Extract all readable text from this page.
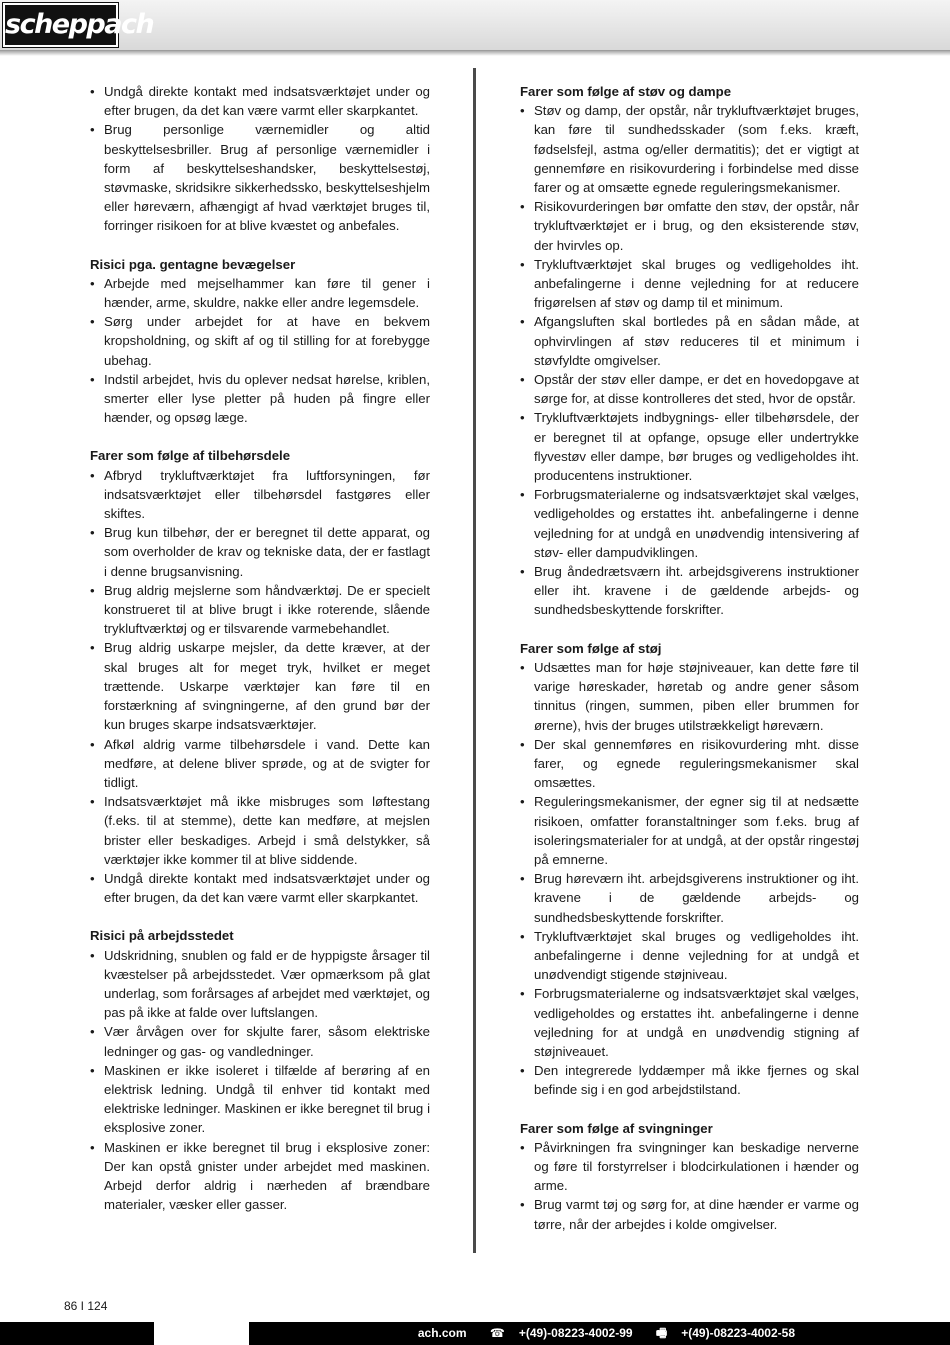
scheppach
• Undgå direkte kontakt med indsatsværktøjet under og efter brugen, da det kan være varmt eller skarpkantet.
• Brug personlige værnemidler og altid beskyttelsesbriller. Brug af personlige værnemidler i form af beskyttelseshandsker, beskyttelsestøj, støvmaske, skridsikre sikkerhedssko, beskyttelseshjelm eller høreværn, afhængigt af hvad værktøjet bruges til, forringer risikoen for at blive kvæstet og anbefales.
Risici pga. gentagne bevægelser
• Arbejde med mejselhammer kan føre til gener i hænder, arme, skuldre, nakke eller andre legemsdele.
• Sørg under arbejdet for at have en bekvem kropsholdning, og skift af og til stilling for at forebygge ubehag.
• Indstil arbejdet, hvis du oplever nedsat hørelse, kriblen, smerter eller lyse pletter på huden på fingre eller hænder, og opsøg læge.
Farer som følge af tilbehørsdele
• Afbryd trykluftværktøjet fra luftforsyningen, før indsatsværktøjet eller tilbehørsdel fastgøres eller skiftes.
• Brug kun tilbehør, der er beregnet til dette apparat, og som overholder de krav og tekniske data, der er fastlagt i denne brugsanvisning.
• Brug aldrig mejslerne som håndværktøj. De er specielt konstrueret til at blive brugt i ikke roterende, slående trykluftværktøj og er tilsvarende varmebehandlet.
• Brug aldrig uskarpe mejsler, da dette kræver, at der skal bruges alt for meget tryk, hvilket er meget trættende. Uskarpe værktøjer kan føre til en forstærkning af svingningerne, af den grund bør der kun bruges skarpe indsatsværktøjer.
• Afkøl aldrig varme tilbehørsdele i vand. Dette kan medføre, at delene bliver sprøde, og at de svigter for tidligt.
• Indsatsværktøjet må ikke misbruges som løftestang (f.eks. til at stemme), dette kan medføre, at mejslen brister eller beskadiges. Arbejd i små delstykker, så værktøjer ikke kommer til at blive siddende.
• Undgå direkte kontakt med indsatsværktøjet under og efter brugen, da det kan være varmt eller skarpkantet.
Risici på arbejdsstedet
• Udskridning, snublen og fald er de hyppigste årsager til kvæstelser på arbejdsstedet. Vær opmærksom på glat underlag, som forårsages af arbejdet med værktøjet, og pas på ikke at falde over luftslangen.
• Vær årvågen over for skjulte farer, såsom elektriske ledninger og gas- og vandledninger.
• Maskinen er ikke isoleret i tilfælde af berøring af en elektrisk ledning. Undgå til enhver tid kontakt med elektriske ledninger. Maskinen er ikke beregnet til brug i eksplosive zoner.
• Maskinen er ikke beregnet til brug i eksplosive zoner: Der kan opstå gnister under arbejdet med maskinen. Arbejd derfor aldrig i nærheden af brændbare materialer, væsker eller gasser.
Farer som følge af støv og dampe
• Støv og damp, der opstår, når trykluftværktøjet bruges, kan føre til sundhedsskader (som f.eks. kræft, fødselsfejl, astma og/eller dermatitis); det er vigtigt at gennemføre en risikovurdering i forbindelse med disse farer og at omsætte egnede reguleringsmekanismer.
• Risikovurderingen bør omfatte den støv, der opstår, når trykluftværktøjet er i brug, og den eksisterende støv, der hvirvles op.
• Trykluftværktøjet skal bruges og vedligeholdes iht. anbefalingerne i denne vejledning for at reducere frigørelsen af støv og damp til et minimum.
• Afgangsluften skal bortledes på en sådan måde, at ophvirvlingen af støv reduceres til et minimum i støvfyldte omgivelser.
• Opstår der støv eller dampe, er det en hovedopgave at sørge for, at disse kontrolleres det sted, hvor de opstår.
• Trykluftværktøjets indbygnings- eller tilbehørsdele, der er beregnet til at opfange, opsuge eller undertrykke flyvestøv eller dampe, bør bruges og vedligeholdes iht. producentens instruktioner.
• Forbrugsmaterialerne og indsatsværktøjet skal vælges, vedligeholdes og erstattes iht. anbefalingerne i denne vejledning for at undgå en unødvendig intensivering af støv- eller dampudviklingen.
• Brug åndedrætsværn iht. arbejdsgiverens instruktioner eller iht. kravene i de gældende arbejds- og sundhedsbeskyttende forskrifter.
Farer som følge af støj
• Udsættes man for høje støjniveauer, kan dette føre til varige høreskader, høretab og andre gener såsom tinnitus (ringen, summen, piben eller brummen for ørerne), hvis der bruges utilstrækkeligt høreværn.
• Der skal gennemføres en risikovurdering mht. disse farer, og egnede reguleringsmekanismer skal omsættes.
• Reguleringsmekanismer, der egner sig til at nedsætte risikoen, omfatter foranstaltninger som f.eks. brug af isoleringsmaterialer for at undgå, at der opstår ringestøj på emnerne.
• Brug høreværn iht. arbejdsgiverens instruktioner og iht. kravene i de gældende arbejds- og sundhedsbeskyttende forskrifter.
• Trykluftværktøjet skal bruges og vedligeholdes iht. anbefalingerne i denne vejledning for at undgå et unødvendigt stigende støjniveau.
• Forbrugsmaterialerne og indsatsværktøjet skal vælges, vedligeholdes og erstattes iht. anbefalingerne i denne vejledning for at undgå en unødvendig stigning af støjniveauet.
• Den integrerede lyddæmper må ikke fjernes og skal befinde sig i en god arbejdstilstand.
Farer som følge af svingninger
• Påvirkningen fra svingninger kan beskadige nerverne og føre til forstyrrelser i blodcirkulationen i hænder og arme.
• Brug varmt tøj og sørg for, at dine hænder er varme og tørre, når der arbejdes i kolde omgivelser.
86 I 124
ach.com ☎ +(49)-08223-4002-99 🖷 +(49)-08223-4002-58
